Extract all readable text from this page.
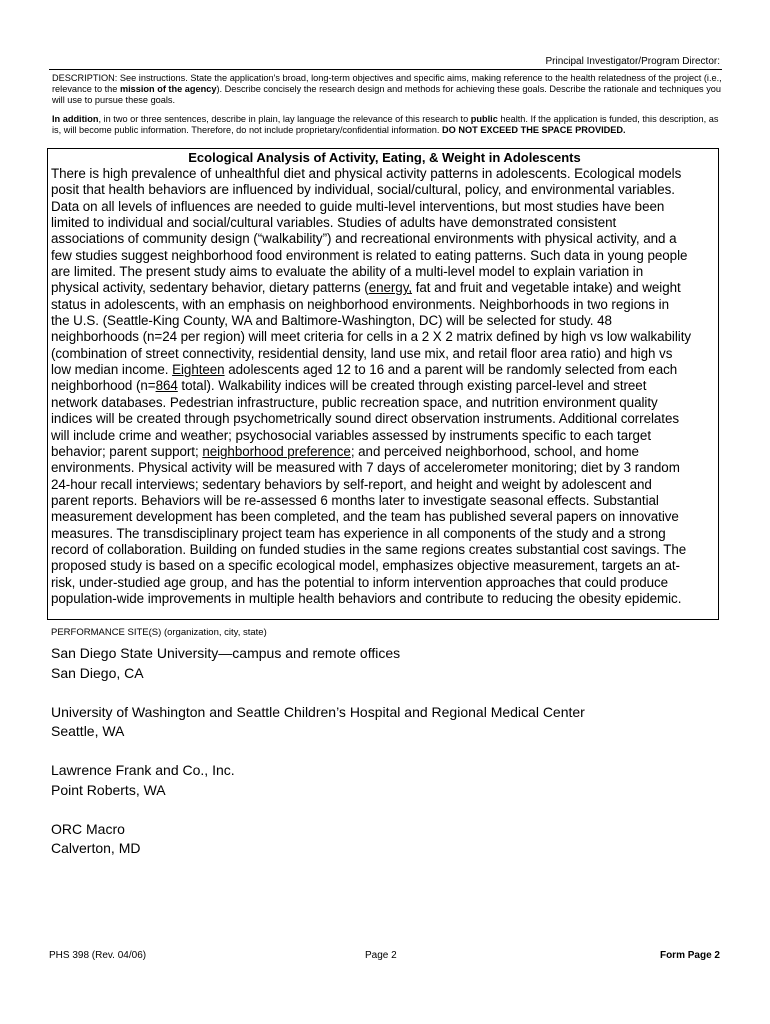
Principal Investigator/Program Director:
DESCRIPTION: See instructions. State the application's broad, long-term objectives and specific aims, making reference to the health relatedness of the project (i.e., relevance to the mission of the agency). Describe concisely the research design and methods for achieving these goals. Describe the rationale and techniques you will use to pursue these goals.
In addition, in two or three sentences, describe in plain, lay language the relevance of this research to public health. If the application is funded, this description, as is, will become public information. Therefore, do not include proprietary/confidential information. DO NOT EXCEED THE SPACE PROVIDED.

Ecological Analysis of Activity, Eating, & Weight in Adolescents

There is high prevalence of unhealthful diet and physical activity patterns in adolescents. Ecological models
posit that health behaviors are influenced by individual, social/cultural, policy, and environmental variables.
Data on all levels of influences are needed to guide multi-level interventions, but most studies have been
limited to individual and social/cultural variables. Studies of adults have demonstrated consistent
associations of community design (“walkability”) and recreational environments with physical activity, and a
few studies suggest neighborhood food environment is related to eating patterns. Such data in young people
are limited. The present study aims to evaluate the ability of a multi-level model to explain variation in
physical activity, sedentary behavior, dietary patterns (energy, fat and fruit and vegetable intake) and weight
status in adolescents, with an emphasis on neighborhood environments. Neighborhoods in two regions in
the U.S. (Seattle-King County, WA and Baltimore-Washington, DC) will be selected for study. 48
neighborhoods (n=24 per region) will meet criteria for cells in a 2 X 2 matrix defined by high vs low walkability
(combination of street connectivity, residential density, land use mix, and retail floor area ratio) and high vs
low median income. Eighteen adolescents aged 12 to 16 and a parent will be randomly selected from each
neighborhood (n=864 total). Walkability indices will be created through existing parcel-level and street
network databases. Pedestrian infrastructure, public recreation space, and nutrition environment quality
indices will be created through psychometrically sound direct observation instruments. Additional correlates
will include crime and weather; psychosocial variables assessed by instruments specific to each target
behavior; parent support; neighborhood preference; and perceived neighborhood, school, and home
environments. Physical activity will be measured with 7 days of accelerometer monitoring; diet by 3 random
24-hour recall interviews; sedentary behaviors by self-report, and height and weight by adolescent and
parent reports. Behaviors will be re-assessed 6 months later to investigate seasonal effects. Substantial
measurement development has been completed, and the team has published several papers on innovative
measures. The transdisciplinary project team has experience in all components of the study and a strong
record of collaboration. Building on funded studies in the same regions creates substantial cost savings. The
proposed study is based on a specific ecological model, emphasizes objective measurement, targets an at-
risk, under-studied age group, and has the potential to inform intervention approaches that could produce
population-wide improvements in multiple health behaviors and contribute to reducing the obesity epidemic.

PERFORMANCE SITE(S) (organization, city, state)
San Diego State University—campus and remote offices
San Diego, CA
University of Washington and Seattle Children’s Hospital and Regional Medical Center
Seattle, WA
Lawrence Frank and Co., Inc.
Point Roberts, WA
ORC Macro
Calverton, MD
PHS 398 (Rev. 04/06)	Page 2	Form Page 2
